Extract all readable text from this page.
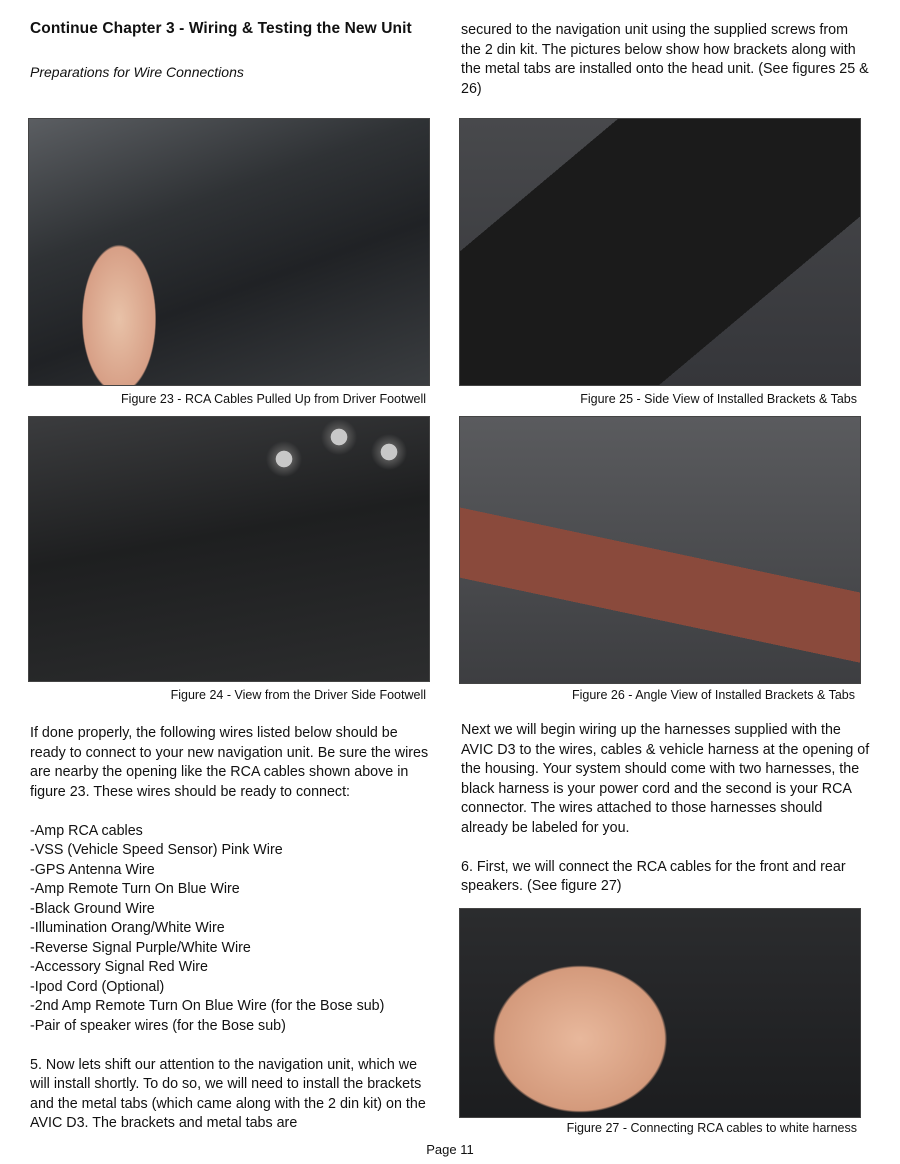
Continue Chapter 3 - Wiring & Testing the New Unit

Preparations for Wire Connections

secured to the navigation unit using the supplied screws from the 2 din kit. The pictures below show how brackets along with the metal tabs are installed onto the head unit. (See figures 25 & 26)

Figure 23 - RCA Cables Pulled Up from Driver Footwell	Figure 25 - Side View of Installed Brackets & Tabs
Figure 24 - View from the Driver Side Footwell	Figure 26 - Angle View of Installed Brackets & Tabs

If done properly, the following wires listed below should be ready to connect to your new navigation unit. Be sure the wires are nearby the opening like the RCA cables shown above in figure 23. These wires should be ready to connect:

-Amp RCA cables
-VSS (Vehicle Speed Sensor) Pink Wire
-GPS Antenna Wire
-Amp Remote Turn On Blue Wire
-Black Ground Wire
-Illumination Orang/White Wire
-Reverse Signal Purple/White Wire
-Accessory Signal Red Wire
-Ipod Cord (Optional)
-2nd Amp Remote Turn On Blue Wire (for the Bose sub)
-Pair of speaker wires (for the Bose sub)

5. Now lets shift our attention to the navigation unit, which we will install shortly. To do so, we will need to install the brackets and the metal tabs (which came along with the 2 din kit) on the AVIC D3. The brackets and metal tabs are

Next we will begin wiring up the harnesses supplied with the AVIC D3 to the wires, cables & vehicle harness at the opening of the housing. Your system should come with two harnesses, the black harness is your power cord and the second is your RCA connector. The wires attached to those harnesses should already be labeled for you.

6. First, we will connect the RCA cables for the front and rear speakers. (See figure 27)

Figure 27 - Connecting RCA cables to white harness
Page 11
